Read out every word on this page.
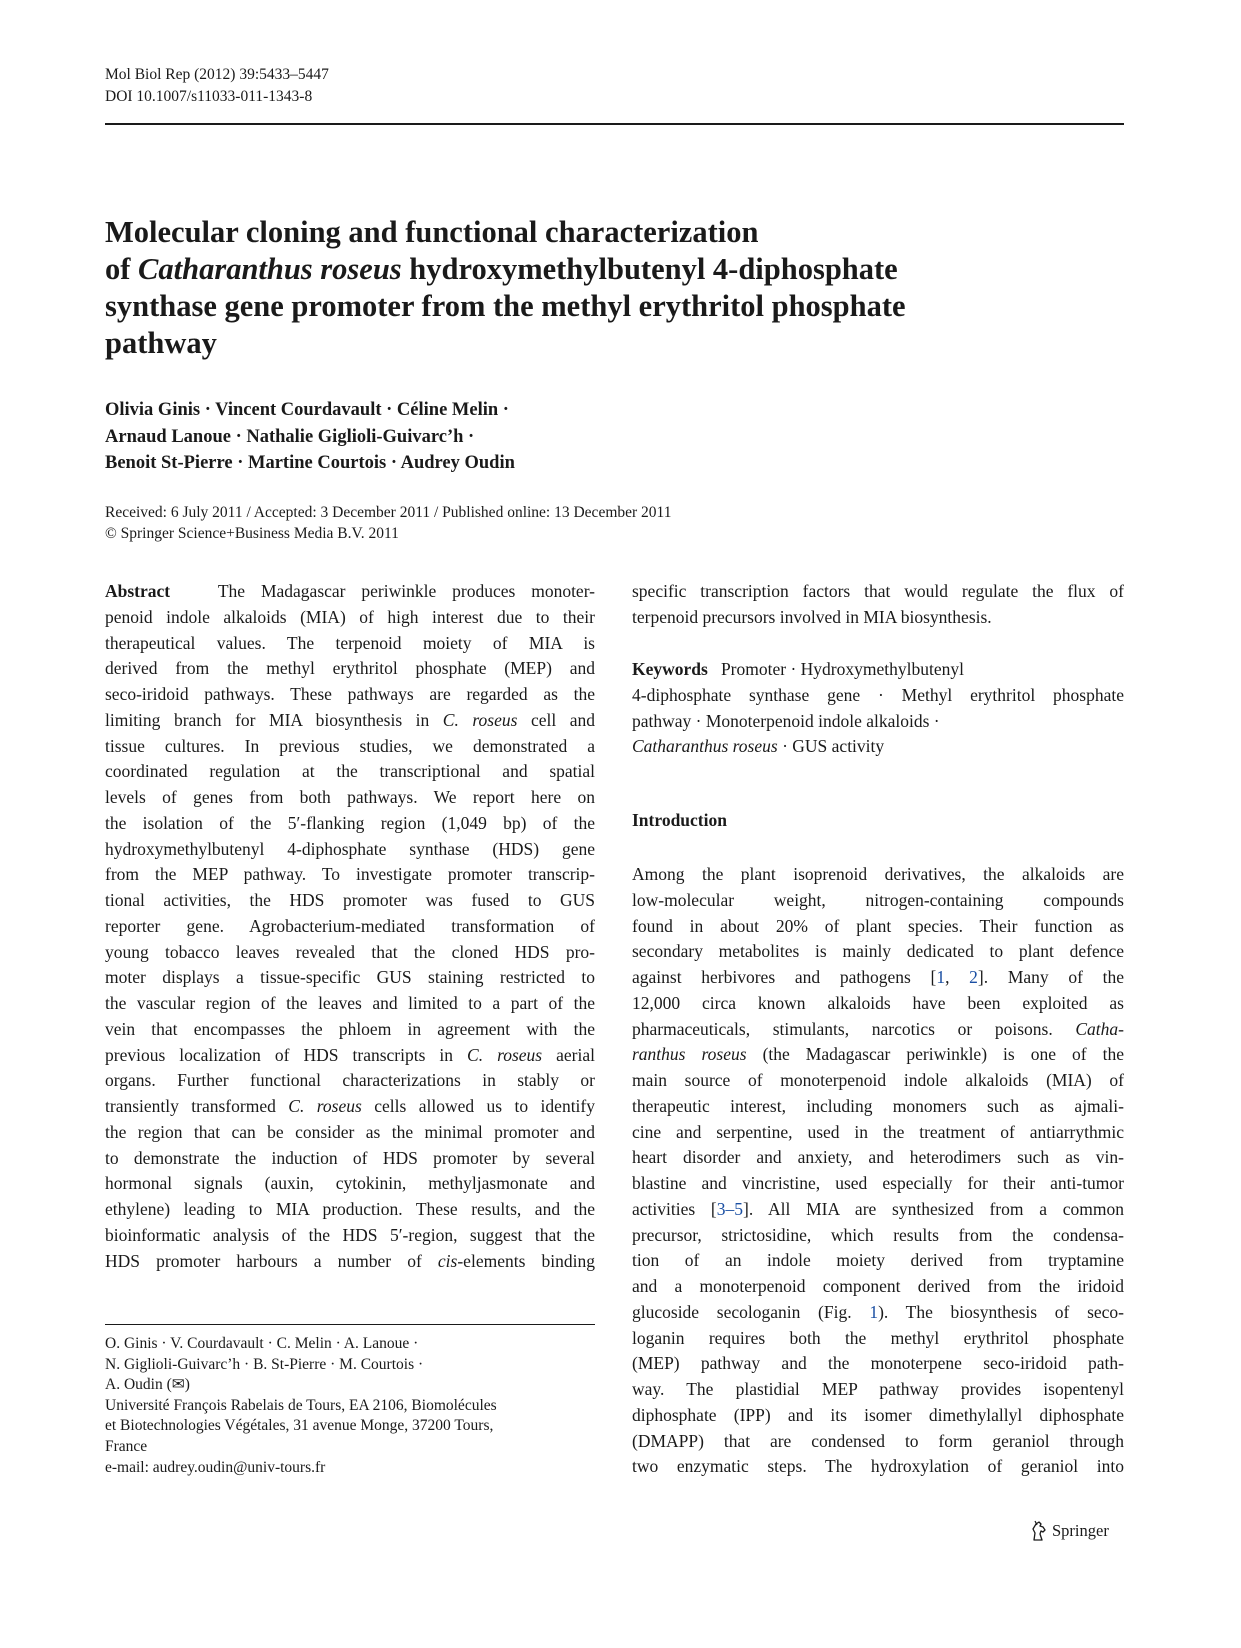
Mol Biol Rep (2012) 39:5433–5447
DOI 10.1007/s11033-011-1343-8
Molecular cloning and functional characterization
of Catharanthus roseus hydroxymethylbutenyl 4-diphosphate
synthase gene promoter from the methyl erythritol phosphate
pathway
Olivia Ginis · Vincent Courdavault · Céline Melin ·
Arnaud Lanoue · Nathalie Giglioli-Guivarc’h ·
Benoit St-Pierre · Martine Courtois · Audrey Oudin
Received: 6 July 2011 / Accepted: 3 December 2011 / Published online: 13 December 2011
© Springer Science+Business Media B.V. 2011
Abstract	The Madagascar periwinkle produces monoter-
penoid indole alkaloids (MIA) of high interest due to their
therapeutical values. The terpenoid moiety of MIA is
derived from the methyl erythritol phosphate (MEP) and
seco-iridoid pathways. These pathways are regarded as the
limiting branch for MIA biosynthesis in C. roseus cell and
tissue cultures. In previous studies, we demonstrated a
coordinated regulation at the transcriptional and spatial
levels of genes from both pathways. We report here on
the isolation of the 5′-flanking region (1,049 bp) of the
hydroxymethylbutenyl 4-diphosphate synthase (HDS) gene
from the MEP pathway. To investigate promoter transcrip-
tional activities, the HDS promoter was fused to GUS
reporter gene. Agrobacterium-mediated transformation of
young tobacco leaves revealed that the cloned HDS pro-
moter displays a tissue-specific GUS staining restricted to
the vascular region of the leaves and limited to a part of the
vein that encompasses the phloem in agreement with the
previous localization of HDS transcripts in C. roseus aerial
organs. Further functional characterizations in stably or
transiently transformed C. roseus cells allowed us to identify
the region that can be consider as the minimal promoter and
to demonstrate the induction of HDS promoter by several
hormonal signals (auxin, cytokinin, methyljasmonate and
ethylene) leading to MIA production. These results, and the
bioinformatic analysis of the HDS 5′-region, suggest that the
HDS promoter harbours a number of cis-elements binding
specific transcription factors that would regulate the flux of
terpenoid precursors involved in MIA biosynthesis.
Keywords Promoter · Hydroxymethylbutenyl
4-diphosphate synthase gene · Methyl erythritol phosphate
pathway · Monoterpenoid indole alkaloids ·
Catharanthus roseus · GUS activity
Introduction
Among the plant isoprenoid derivatives, the alkaloids are
low-molecular weight, nitrogen-containing compounds
found in about 20% of plant species. Their function as
secondary metabolites is mainly dedicated to plant defence
against herbivores and pathogens [1, 2]. Many of the
12,000 circa known alkaloids have been exploited as
pharmaceuticals, stimulants, narcotics or poisons. Catha-
ranthus roseus (the Madagascar periwinkle) is one of the
main source of monoterpenoid indole alkaloids (MIA) of
therapeutic interest, including monomers such as ajmali-
cine and serpentine, used in the treatment of antiarrythmic
heart disorder and anxiety, and heterodimers such as vin-
blastine and vincristine, used especially for their anti-tumor
activities [3–5]. All MIA are synthesized from a common
precursor, strictosidine, which results from the condensa-
tion of an indole moiety derived from tryptamine
and a monoterpenoid component derived from the iridoid
glucoside secologanin (Fig. 1). The biosynthesis of seco-
loganin requires both the methyl erythritol phosphate
(MEP) pathway and the monoterpene seco-iridoid path-
way. The plastidial MEP pathway provides isopentenyl
diphosphate (IPP) and its isomer dimethylallyl diphosphate
(DMAPP) that are condensed to form geraniol through
two enzymatic steps. The hydroxylation of geraniol into
O. Ginis · V. Courdavault · C. Melin · A. Lanoue ·
N. Giglioli-Guivarc’h · B. St-Pierre · M. Courtois ·
A. Oudin (✉)
Université François Rabelais de Tours, EA 2106, Biomolécules
et Biotechnologies Végétales, 31 avenue Monge, 37200 Tours,
France
e-mail: audrey.oudin@univ-tours.fr
Springer
